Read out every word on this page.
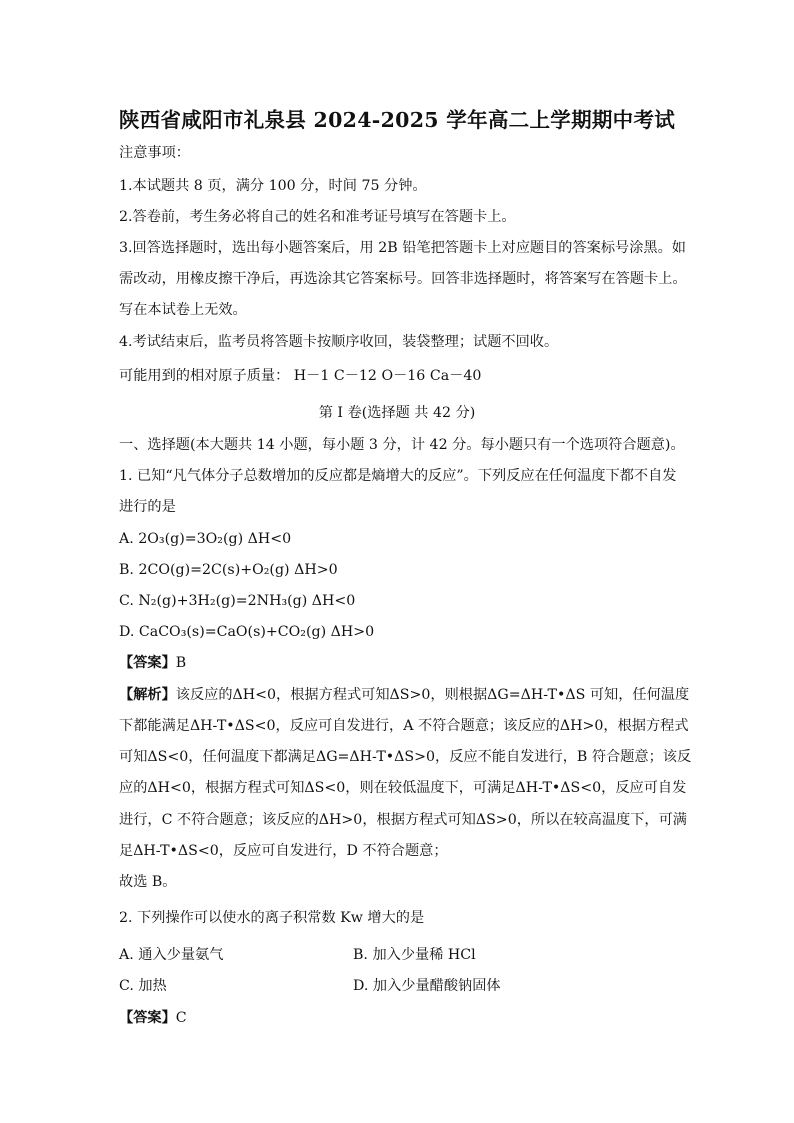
陕西省咸阳市礼泉县 2024-2025 学年高二上学期期中考试
注意事项：
1.本试题共 8 页，满分 100 分，时间 75 分钟。
2.答卷前，考生务必将自己的姓名和准考证号填写在答题卡上。
3.回答选择题时，选出每小题答案后，用 2B 铅笔把答题卡上对应题目的答案标号涂黑。如
需改动，用橡皮擦干净后，再选涂其它答案标号。回答非选择题时，将答案写在答题卡上。
写在本试卷上无效。
4.考试结束后，监考员将答题卡按顺序收回，装袋整理；试题不回收。
可能用到的相对原子质量： H－1 C－12 O－16 Ca－40
第 I 卷(选择题 共 42 分)
一、选择题(本大题共 14 小题，每小题 3 分，计 42 分。每小题只有一个选项符合题意)。
1. 已知“凡气体分子总数增加的反应都是熵增大的反应”。下列反应在任何温度下都不自发
进行的是
A. 2O₃(g)=3O₂(g) ΔH<0
B. 2CO(g)=2C(s)+O₂(g) ΔH>0
C. N₂(g)+3H₂(g)=2NH₃(g) ΔH<0
D. CaCO₃(s)=CaO(s)+CO₂(g) ΔH>0
【答案】B
【解析】该反应的ΔH<0，根据方程式可知ΔS>0，则根据ΔG=ΔH-T•ΔS 可知，任何温度
下都能满足ΔH-T•ΔS<0，反应可自发进行，A 不符合题意；该反应的ΔH>0，根据方程式
可知ΔS<0，任何温度下都满足ΔG=ΔH-T•ΔS>0，反应不能自发进行，B 符合题意；该反
应的ΔH<0，根据方程式可知ΔS<0，则在较低温度下，可满足ΔH-T•ΔS<0，反应可自发
进行，C 不符合题意；该反应的ΔH>0，根据方程式可知ΔS>0，所以在较高温度下，可满
足ΔH-T•ΔS<0，反应可自发进行，D 不符合题意；
故选 B。
2. 下列操作可以使水的离子积常数 Kw 增大的是
A. 通入少量氨气	B. 加入少量稀 HCl
C. 加热	D. 加入少量醋酸钠固体
【答案】C
